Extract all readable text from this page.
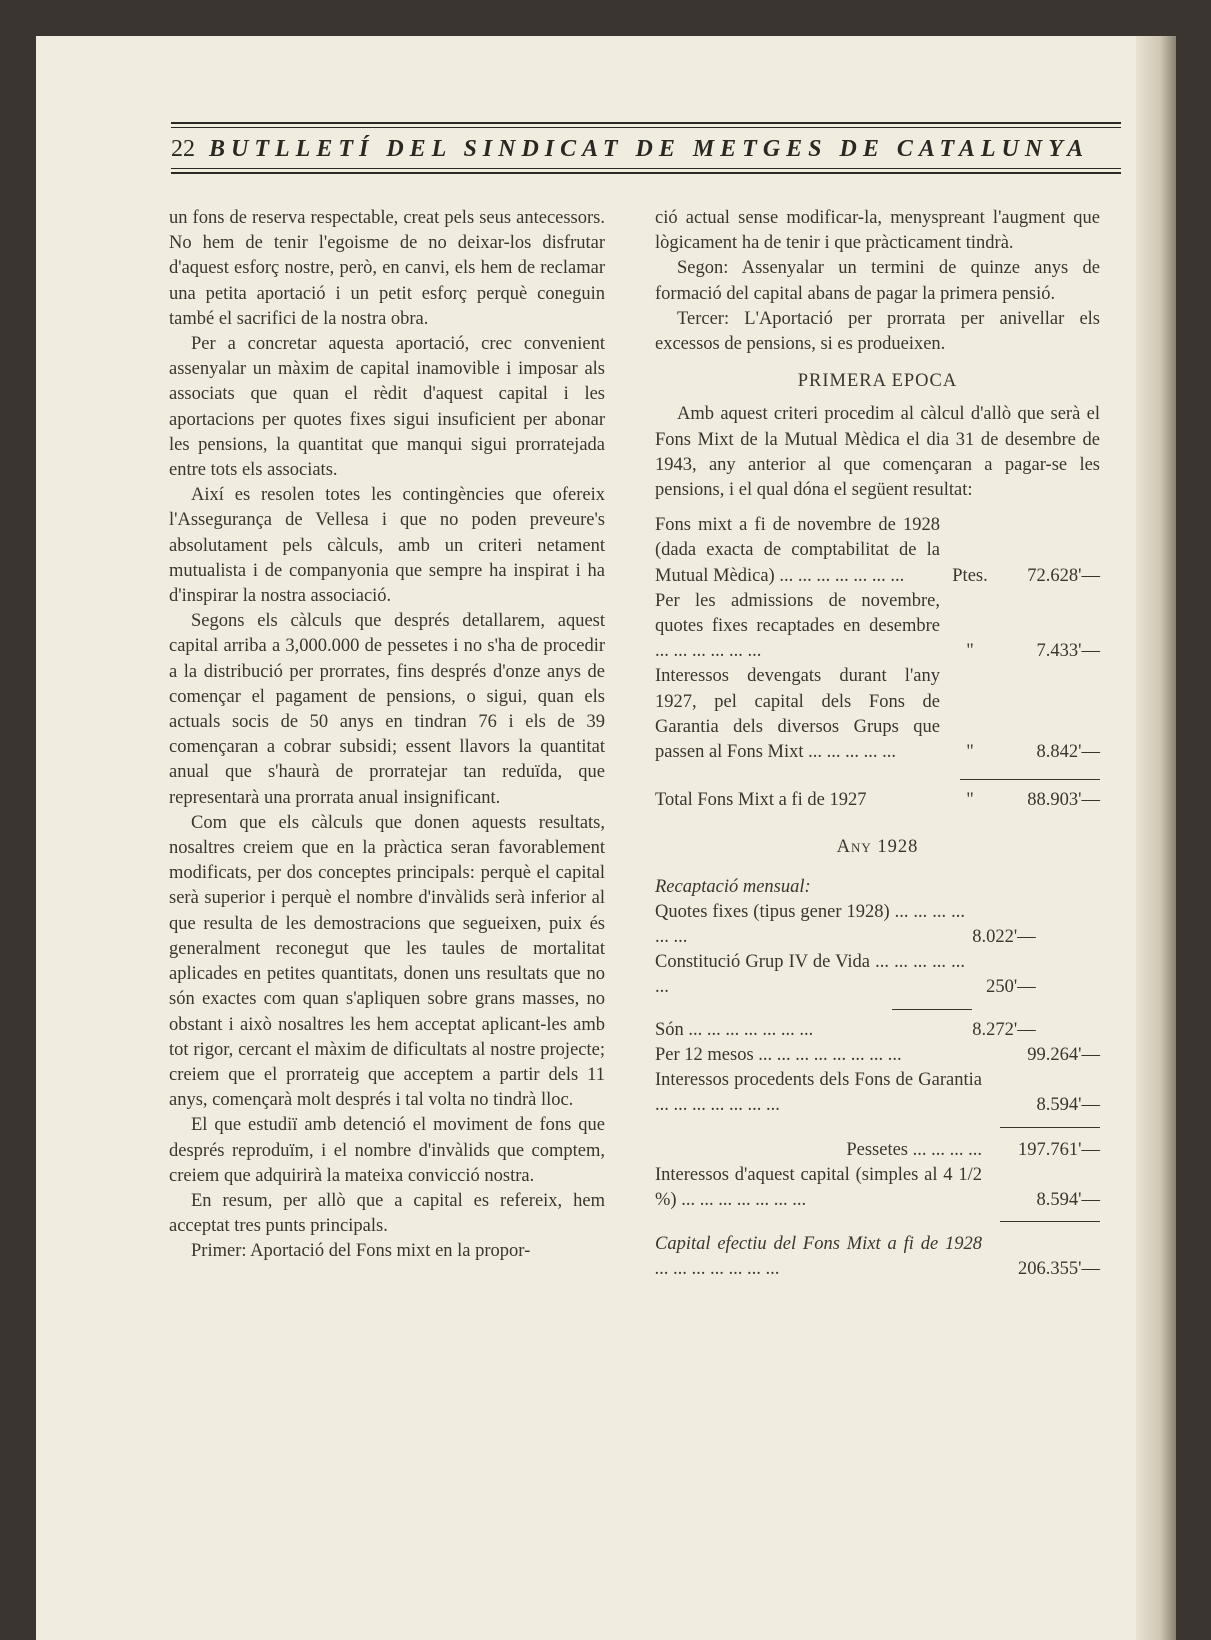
22 BUTLLETÍ DEL SINDICAT DE METGES DE CATALUNYA

un fons de reserva respectable, creat pels seus antecessors. No hem de tenir l'egoisme de no deixar-los disfrutar d'aquest esforç nostre, però, en canvi, els hem de reclamar una petita aportació i un petit esforç perquè coneguin també el sacrifici de la nostra obra.

Per a concretar aquesta aportació, crec convenient assenyalar un màxim de capital inamovible i imposar als associats que quan el rèdit d'aquest capital i les aportacions per quotes fixes sigui insuficient per abonar les pensions, la quantitat que manqui sigui prorratejada entre tots els associats.

Així es resolen totes les contingències que ofereix l'Assegurança de Vellesa i que no poden preveure's absolutament pels càlculs, amb un criteri netament mutualista i de companyonia que sempre ha inspirat i ha d'inspirar la nostra associació.

Segons els càlculs que després detallarem, aquest capital arriba a 3,000.000 de pessetes i no s'ha de procedir a la distribució per prorrates, fins després d'onze anys de començar el pagament de pensions, o sigui, quan els actuals socis de 50 anys en tindran 76 i els de 39 començaran a cobrar subsidi; essent llavors la quantitat anual que s'haurà de prorratejar tan reduïda, que representarà una prorrata anual insignificant.

Com que els càlculs que donen aquests resultats, nosaltres creiem que en la pràctica seran favorablement modificats, per dos conceptes principals: perquè el capital serà superior i perquè el nombre d'invàlids serà inferior al que resulta de les demostracions que segueixen, puix és generalment reconegut que les taules de mortalitat aplicades en petites quantitats, donen uns resultats que no són exactes com quan s'apliquen sobre grans masses, no obstant i això nosaltres les hem acceptat aplicant-les amb tot rigor, cercant el màxim de dificultats al nostre projecte; creiem que el prorrateig que acceptem a partir dels 11 anys, començarà molt després i tal volta no tindrà lloc.

El que estudiï amb detenció el moviment de fons que després reproduïm, i el nombre d'invàlids que comptem, creiem que adquirirà la mateixa convicció nostra.

En resum, per allò que a capital es refereix, hem acceptat tres punts principals.

Primer: Aportació del Fons mixt en la propor-

ció actual sense modificar-la, menyspreant l'augment que lògicament ha de tenir i que pràcticament tindrà.

Segon: Assenyalar un termini de quinze anys de formació del capital abans de pagar la primera pensió.

Tercer: L'Aportació per prorrata per anivellar els excessos de pensions, si es produeixen.

PRIMERA EPOCA

Amb aquest criteri procedim al càlcul d'allò que serà el Fons Mixt de la Mutual Mèdica el dia 31 de desembre de 1943, any anterior al que començaran a pagar-se les pensions, i el qual dóna el següent resultat:

Fons mixt a fi de novembre de 1928 (dada exacta de comptabilitat de la Mutual Mèdica) ... ... ... ... ... ... ...	Ptes.	72.628'—
Per les admissions de novembre, quotes fixes recaptades en desembre ... ... ... ... ... ...	"	7.433'—
Interessos devengats durant l'any 1927, pel capital dels Fons de Garantia dels diversos Grups que passen al Fons Mixt ... ... ... ... ...	"	8.842'—
Total Fons Mixt a fi de 1927	"	88.903'—
Any 1928
Recaptació mensual:
Quotes fixes (tipus gener 1928) ... ... ... ... ... ...	8.022'—
Constitució Grup IV de Vida ... ... ... ... ... ...	250'—
Són ... ... ... ... ... ... ...	8.272'—
Per 12 mesos ... ... ... ... ... ... ... ...	99.264'—
Interessos procedents dels Fons de Garantia ... ... ... ... ... ... ...	8.594'—
Pessetes ... ... ... ...	197.761'—
Interessos d'aquest capital (simples al 4 1/2 %) ... ... ... ... ... ... ...	8.594'—
Capital efectiu del Fons Mixt a fi de 1928 ... ... ... ... ... ... ...	206.355'—
